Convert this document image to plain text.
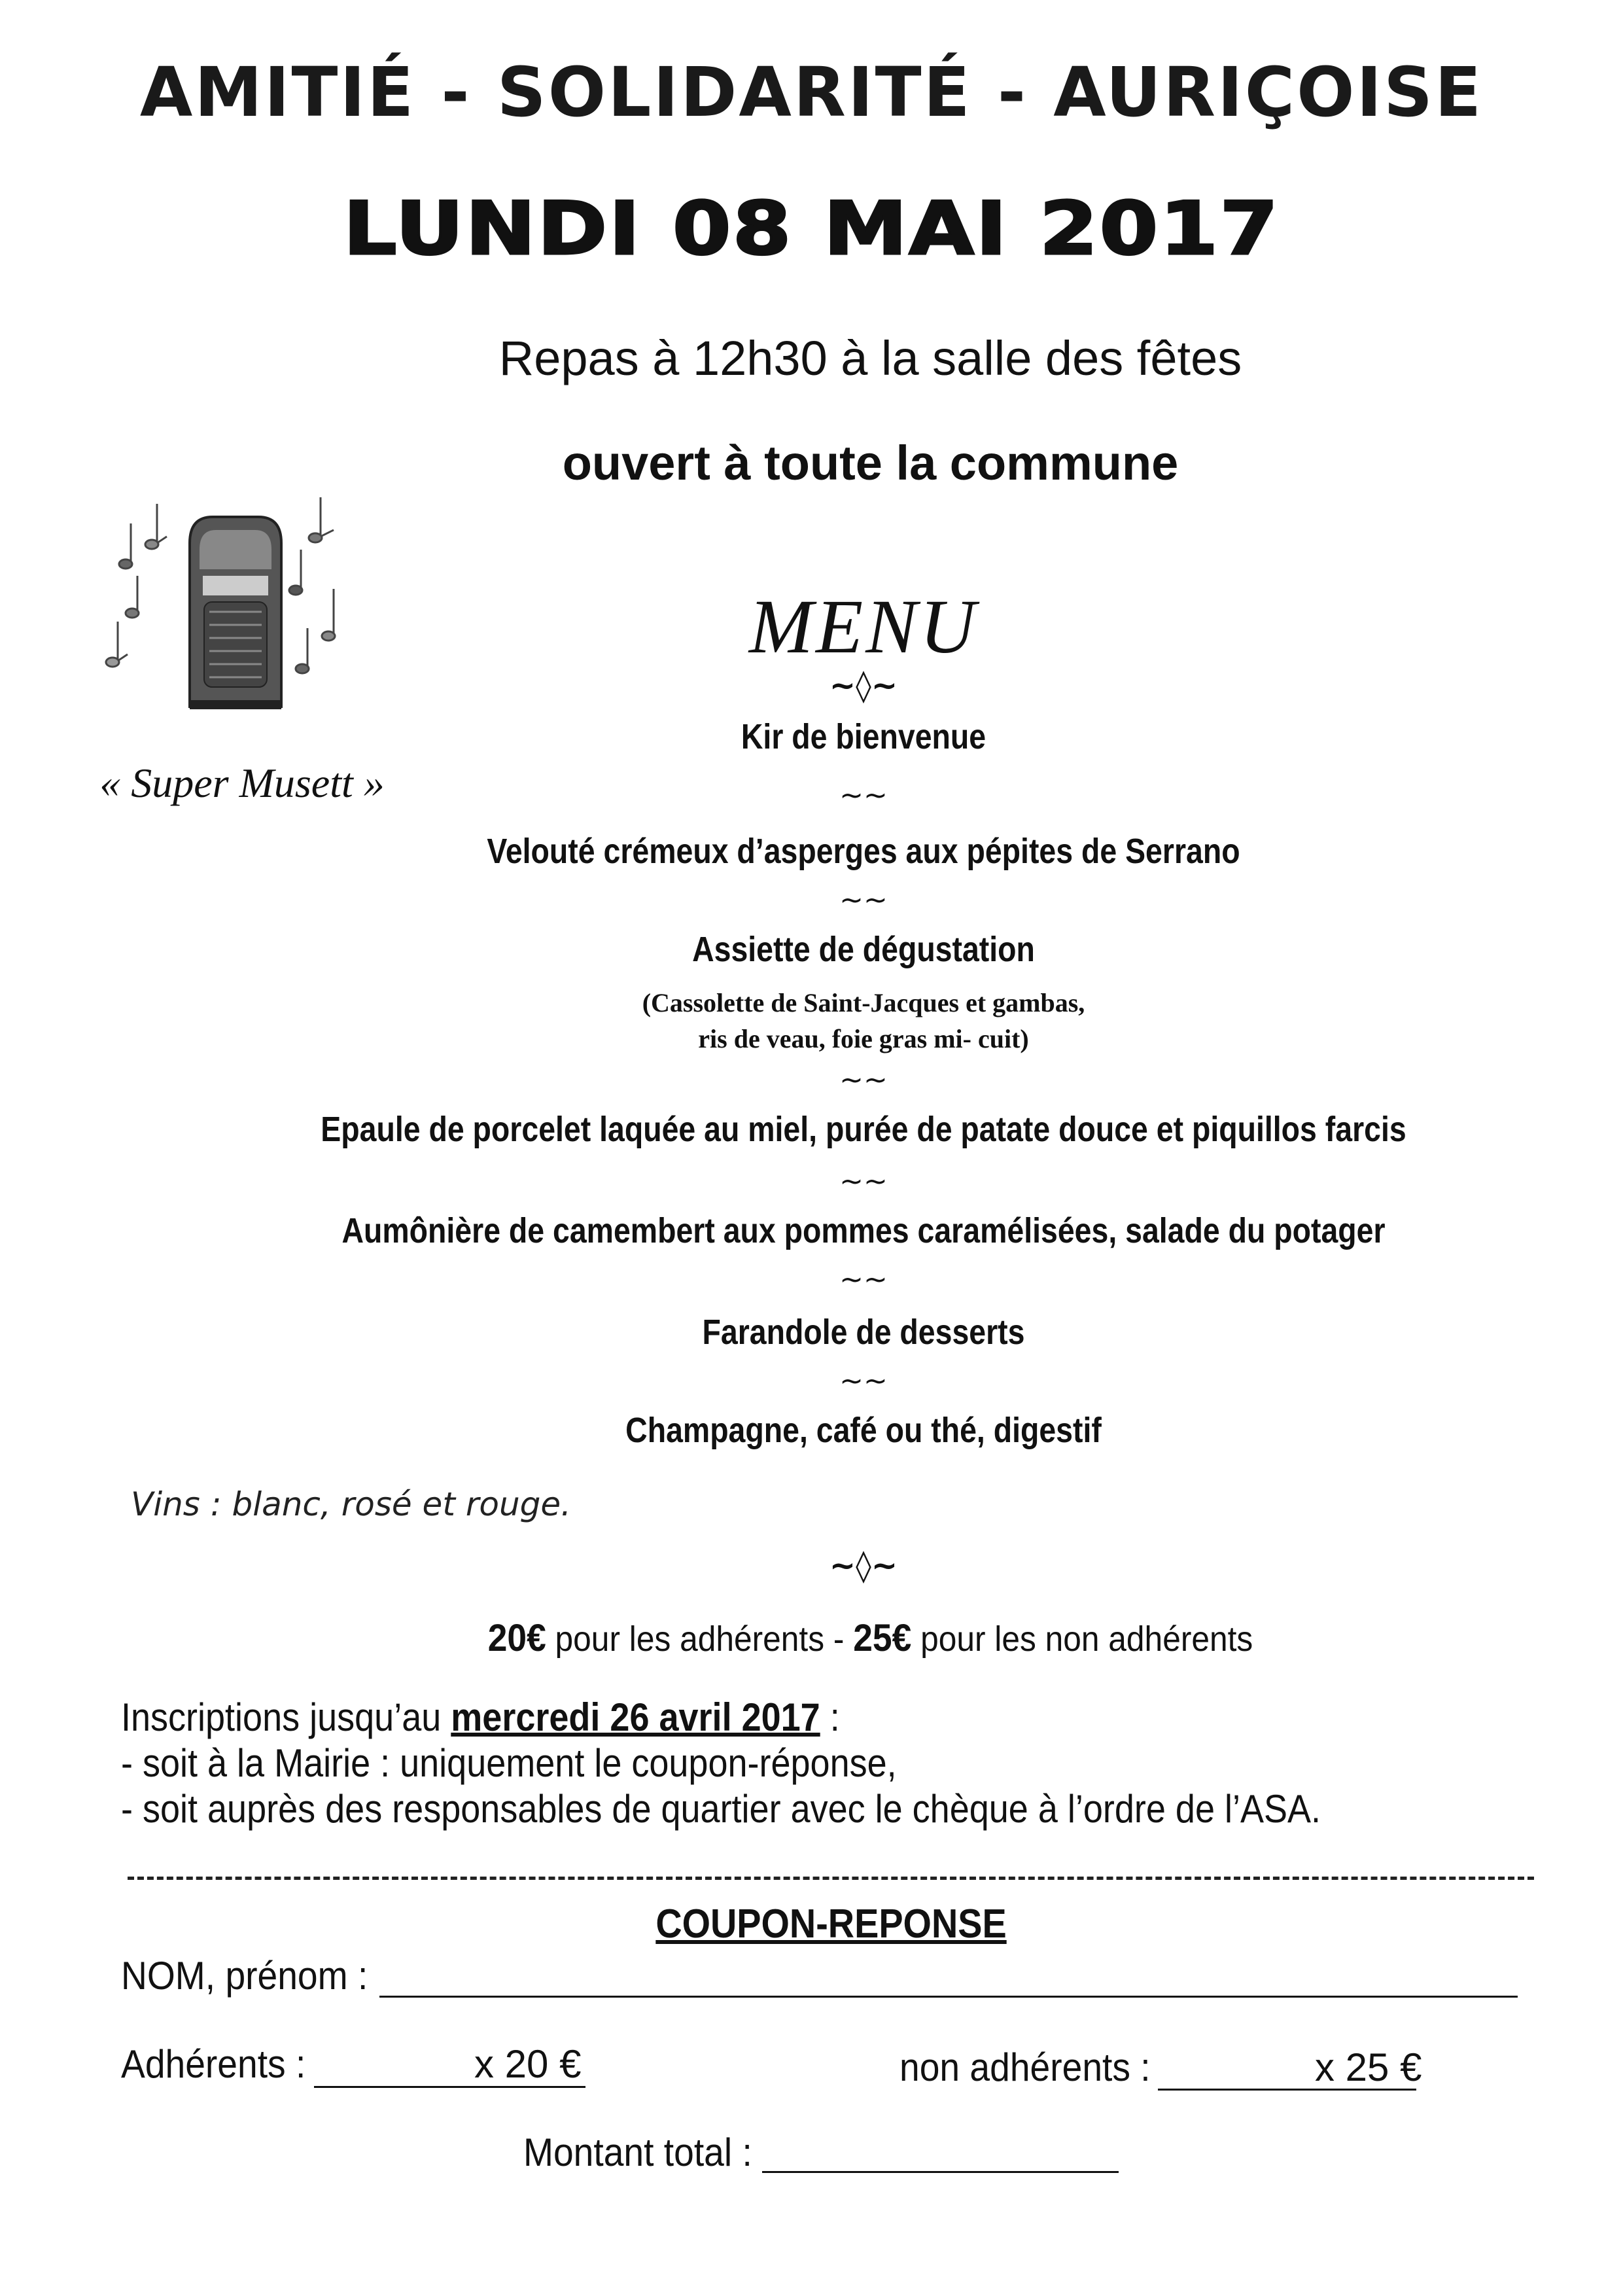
AMITIÉ - SOLIDARITÉ - AURIÇOISE
LUNDI 08 MAI 2017
Repas à 12h30 à la salle des fêtes
ouvert à toute la commune
« Super Musett »
MENU
~◊~
Kir de bienvenue
~~
Velouté crémeux d’asperges aux pépites de Serrano
~~
Assiette de dégustation
(Cassolette de Saint-Jacques et gambas,
ris de veau, foie gras mi- cuit)
~~
Epaule de porcelet laquée au miel, purée de patate douce et piquillos farcis
~~
Aumônière de camembert aux pommes caramélisées, salade du potager
~~
Farandole de desserts
~~
Champagne, café ou thé, digestif
Vins : blanc, rosé et rouge.
~◊~
20€ pour les adhérents - 25€ pour les non adhérents
Inscriptions jusqu’au mercredi 26 avril 2017 :
- soit à la Mairie : uniquement le coupon-réponse,
- soit auprès des responsables de quartier avec le chèque à l’ordre de l’ASA.
COUPON-REPONSE
NOM, prénom :
Adhérents :	x 20 €	non adhérents :	x 25 €
Montant total :
